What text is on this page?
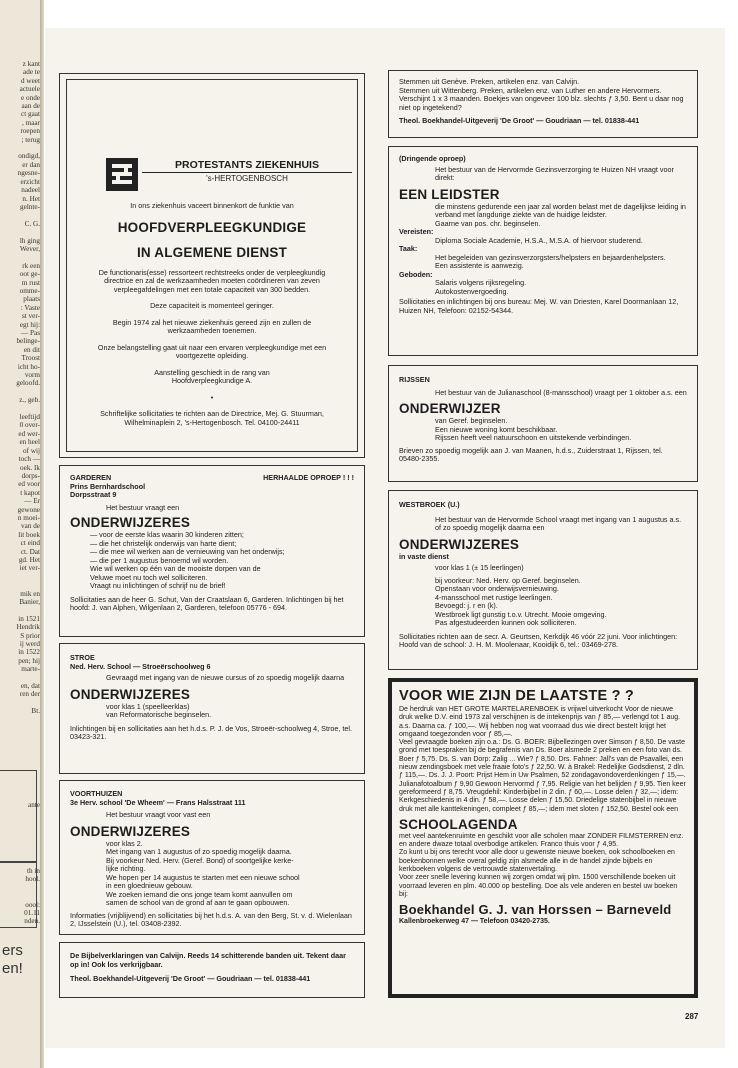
z kant
ade te
d weet
actuele
e onde
aan de
ct gaat
, maar
roepen
; terug

ondigd,
er dan
ngesne-
erzicht
nadeel
n. Het
gelnte-

C. G.

lh ging
Wever,

rk een
oot ge-
m rust
omme-
plaats
: Vaste
st ver-
egt hij:
— Pas
belinge-
en dit
Troost
icht ho-
vorm
geloofd.

z., geb.

leeftijd
0 over-
ed wer-
en heel
of wij
toch —
oek. Ik
dorps-
ed voor
t kapot
— Er
gewone
n moei-
van de
lit boek
ct eind
ct. Dat
gd. Het
iet ver-

mik en
Banier,

in 1521
Hendrik
S prior
ij werd
in 1522
pen; hij
marte-

en, dat
ren der

Bt.
ante
th in
hool.

oool:
01.11
nden.
ers
en!
PROTESTANTS ZIEKENHUIS
's-HERTOGENBOSCH

In ons ziekenhuis vaceert binnenkort de funktie van

HOOFDVERPLEEGKUNDIGE

IN ALGEMENE DIENST

De functionaris(esse) ressorteert rechtstreeks onder de verpleegkundig directrice en zal de werkzaamheden moeten coördineren van zeven verpleegafdelingen met een totale capaciteit van 300 bedden.

Deze capaciteit is momenteel geringer.

Begin 1974 zal het nieuwe ziekenhuis gereed zijn en zullen de werkzaamheden toenemen.

Onze belangstelling gaat uit naar een ervaren verpleegkundige met een voortgezette opleiding.

Aanstelling geschiedt in de rang van Hoofdverpleegkundige A.

•

Schriftelijke sollicitaties te richten aan de Directrice, Mej. G. Stuurman, Wilhelminaplein 2, 's-Hertogenbosch. Tel. 04100-24411

GARDEREN	HERHAALDE OPROEP ! ! !

Prins Bernhardschool

Dorpsstraat 9

Het bestuur vraagt een

ONDERWIJZERES

— voor de eerste klas waarin 30 kinderen zitten;
— die het christelijk onderwijs van harte dient;
— die mee wil werken aan de vernieuwing van het onderwijs;
— die per 1 augustus benoemd wil worden.
Wie wil werken op één van de mooiste dorpen van de
Veluwe moet nu toch wel solliciteren.
Vraagt nu inlichtingen of schrijf nu de brief!

Sollicitaties aan de heer G. Schut, Van der Craatslaan 6, Garderen. Inlichtingen bij het hoofd: J. van Alphen, Wilgenlaan 2, Garderen, telefoon 05776 - 694.

STROE

Ned. Herv. School — Stroeërschoolweg 6

Gevraagd met ingang van de nieuwe cursus of zo spoedig mogelijk daarna

ONDERWIJZERES

voor klas 1 (speelleerklas)
van Reformatorische beginselen.

Inlichtingen bij en sollicitaties aan het h.d.s. P. J. de Vos, Stroeër-schoolweg 4, Stroe, tel. 03423-321.

VOORTHUIZEN

3e Herv. school 'De Wheem' — Frans Halsstraat 111

Het bestuur vraagt voor vast een

ONDERWIJZERES

voor klas 2.
Met ingang van 1 augustus of zo spoedig mogelijk daarna.
Bij voorkeur Ned. Herv. (Geref. Bond) of soortgelijke kerke-
lijke richting.
We hopen per 14 augustus te starten met een nieuwe school
in een gloednieuw gebouw.
We zoeken iemand die ons jonge team komt aanvullen om
samen de school van de grond af aan te gaan opbouwen.

Informaties (vrijblijvend) en sollicitaties bij het h.d.s. A. van den Berg, St. v. d. Wielenlaan 2, IJsselstein (U.), tel. 03408-2392.

De Bijbelverklaringen van Calvijn. Reeds 14 schitterende banden uit. Tekent daar op in! Ook los verkrijgbaar.

Theol. Boekhandel-Uitgeverij 'De Groot' — Goudriaan — tel. 01838-441

Stemmen uit Genève. Preken, artikelen enz. van Calvijn.
Stemmen uit Wittenberg. Preken, artikelen enz. van Luther en andere Hervormers. Verschijnt 1 x 3 maanden. Boekjes van ongeveer 100 blz. slechts ƒ 3,50. Bent u daar nog niet op ingetekend?

Theol. Boekhandel-Uitgeverij 'De Groot' — Goudriaan — tel. 01838-441

(Dringende oproep)

Het bestuur van de Hervormde Gezinsverzorging te Huizen NH vraagt voor direkt:

EEN LEIDSTER

die minstens gedurende een jaar zal worden belast met de dagelijkse leiding in verband met langdurige ziekte van de huidige leidster.
Gaarne van pos. chr. beginselen.

Vereisten:

Diploma Sociale Academie, H.S.A., M.S.A. of hiervoor studerend.

Taak:

Het begeleiden van gezinsverzorgsters/helpsters en bejaardenhelpsters.
Een assistente is aanwezig.

Geboden:

Salaris volgens rijksregeling.
Autokostenvergoeding.

Sollicitaties en inlichtingen bij ons bureau: Mej. W. van Driesten, Karel Doormanlaan 12, Huizen NH, Telefoon: 02152-54344.

RIJSSEN

Het bestuur van de Julianaschool (8-mansschool) vraagt per 1 oktober a.s. een

ONDERWIJZER

van Geref. beginselen.
Een nieuwe woning komt beschikbaar.
Rijssen heeft veel natuurschoon en uitstekende verbindingen.

Brieven zo spoedig mogelijk aan J. van Maanen, h.d.s., Zuiderstraat 1, Rijssen, tel. 05480-2355.

WESTBROEK (U.)

Het bestuur van de Hervormde School vraagt met ingang van 1 augustus a.s. of zo spoedig mogelijk daarna een

ONDERWIJZERES

in vaste dienst

voor klas 1 (± 15 leerlingen)

bij voorkeur: Ned. Herv. op Geref. beginselen.
Openstaan voor onderwijsvernieuwing.
4-mansschool met rustige leerlingen.
Bevoegd: j. r en (k).
Westbroek ligt gunstig t.o.v. Utrecht. Mooie omgeving.
Pas afgestudeerden kunnen ook solliciteren.

Sollicitaties richten aan de secr. A. Geurtsen, Kerkdijk 46 vóór 22 juni. Voor inlichtingen: Hoofd van de school: J. H. M. Moolenaar, Kooidijk 6, tel.: 03469-278.

VOOR WIE ZIJN DE LAATSTE ? ?

De herdruk van HET GROTE MARTELARENBOEK is vrijwel uitverkocht Voor de nieuwe druk welke D.V. eind 1973 zal verschijnen is de intekenprijs van ƒ 85,— verlengd tot 1 aug. a.s. Daarna ca. ƒ 100,—. Wij hebben nog wat voorraad dus wie direct besteIt krijgt het omgaand toegezonden voor ƒ 85,—.
Veel gevraagde boeken zijn o.a.: Ds. G. BOER: Bijbellezingen over Simson ƒ 8,50. De vaste grond met toespraken bij de begrafenis van Ds. Boer alsmede 2 preken en een foto van ds. Boer ƒ 5,75. Ds. S. van Dorp: Zalig ... Wie? ƒ 8,50. Drs. Fahner: Jall's van de Psavallei, een nieuw zendingsboek met vele fraaie foto's ƒ 22,50. W. à Brakel: Redelijke Godsdienst, 2 dln. ƒ 115,—. Ds. J. J. Poort: Prijst Hem in Uw Psalmen, 52 zondagavondoverdenkingen ƒ 15,—. Julianafotoalbum ƒ 9,90 Gewoon Hervormd ƒ 7,95. Religie van het belijden ƒ 9,95. Tien keer gereformeerd ƒ 8,75. Vreugdehil: Kinderbijbel in 2 din. ƒ 60,—. Losse delen ƒ 32,—; idem: Kerkgeschiedenis in 4 din. ƒ 58,—. Losse delen ƒ 15,50. Driedelige statenbijbel in nieuwe druk met alle kanttekeningen, compleet ƒ 85,—; idem met sloten ƒ 152,50. Bestel ook een

SCHOOLAGENDA

met veel aantekenruimte en geschikt voor alle scholen maar ZONDER FILMSTERREN enz. en andere dwaze totaal overbodige artikelen. Franco thuis voor ƒ 4,95.
Zo kunt u bij ons terecht voor alle door u gewenste nieuwe boeken, ook schoolboeken en boekenbonnen welke overal geldig zijn alsmede alle in de handel zijnde bijbels en kerkboeken volgens de vertrouwde statenvertaling.
Voor zeer snelle levering kunnen wij zorgen omdat wij plm. 1500 verschillende boeken uit voorraad leveren en plm. 40.000 op bestelling. Doe als vele anderen en bestel uw boeken bij:

Boekhandel G. J. van Horssen – Barneveld

Kallenbroekerweg 47 — Telefoon 03420-2735.

287
